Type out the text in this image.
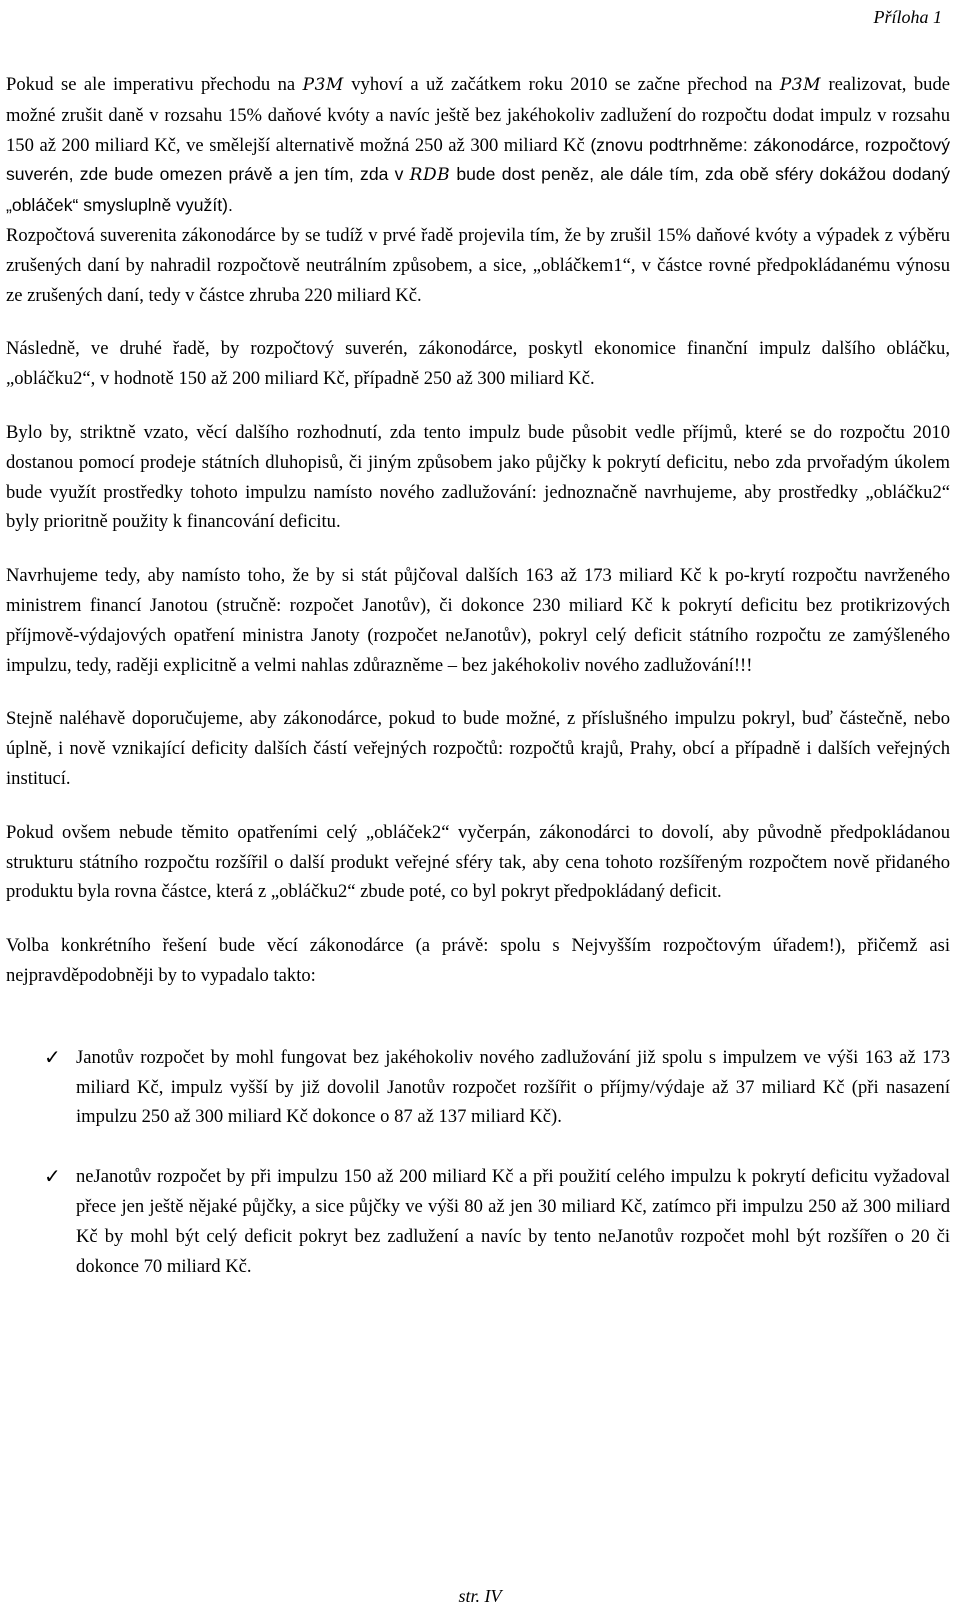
Příloha 1

Pokud se ale imperativu přechodu na P3M vyhoví a už začátkem roku 2010 se začne přechod na P3M realizovat, bude možné zrušit daně v rozsahu 15% daňové kvóty a navíc ještě bez jakéhokoliv zadlužení do rozpočtu dodat impulz v rozsahu 150 až 200 miliard Kč, ve smělejší alternativě možná 250 až 300 miliard Kč (znovu podtrhněme: zákonodárce, rozpočtový suverén, zde bude omezen právě a jen tím, zda v RDB bude dost peněz, ale dále tím, zda obě sféry dokážou dodaný „obláček“ smysluplně využít).

Rozpočtová suverenita zákonodárce by se tudíž v prvé řadě projevila tím, že by zrušil 15% daňové kvóty a výpadek z výběru zrušených daní by nahradil rozpočtově neutrálním způsobem, a sice, „obláčkem1“, v částce rovné předpokládanému výnosu ze zrušených daní, tedy v částce zhruba 220 miliard Kč.

Následně, ve druhé řadě, by rozpočtový suverén, zákonodárce, poskytl ekonomice finanční impulz dalšího obláčku, „obláčku2“, v hodnotě 150 až 200 miliard Kč, případně 250 až 300 miliard Kč.

Bylo by, striktně vzato, věcí dalšího rozhodnutí, zda tento impulz bude působit vedle příjmů, které se do rozpočtu 2010 dostanou pomocí prodeje státních dluhopisů, či jiným způsobem jako půjčky k pokrytí deficitu, nebo zda prvořadým úkolem bude využít prostředky tohoto impulzu namísto nového zadlužování: jednoznačně navrhujeme, aby prostředky „obláčku2“ byly prioritně použity k financování deficitu.

Navrhujeme tedy, aby namísto toho, že by si stát půjčoval dalších 163 až 173 miliard Kč k po-krytí rozpočtu navrženého ministrem financí Janotou (stručně: rozpočet Janotův), či dokonce 230 miliard Kč k pokrytí deficitu bez protikrizových příjmově-výdajových opatření ministra Janoty (rozpočet neJanotův), pokryl celý deficit státního rozpočtu ze zamýšleného impulzu, tedy, raději explicitně a velmi nahlas zdůrazněme – bez jakéhokoliv nového zadlužování!!!

Stejně naléhavě doporučujeme, aby zákonodárce, pokud to bude možné, z příslušného impulzu pokryl, buď částečně, nebo úplně, i nově vznikající deficity dalších částí veřejných rozpočtů: rozpočtů krajů, Prahy, obcí a případně i dalších veřejných institucí.

Pokud ovšem nebude těmito opatřeními celý „obláček2“ vyčerpán, zákonodárci to dovolí, aby původně předpokládanou strukturu státního rozpočtu rozšířil o další produkt veřejné sféry tak, aby cena tohoto rozšířeným rozpočtem nově přidaného produktu byla rovna částce, která z „obláčku2“ zbude poté, co byl pokryt předpokládaný deficit.

Volba konkrétního řešení bude věcí zákonodárce (a právě: spolu s Nejvyšším rozpočtovým úřadem!), přičemž asi nejpravděpodobněji by to vypadalo takto:

✓ Janotův rozpočet by mohl fungovat bez jakéhokoliv nového zadlužování již spolu s impulzem ve výši 163 až 173 miliard Kč, impulz vyšší by již dovolil Janotův rozpočet rozšířit o příjmy/výdaje až 37 miliard Kč (při nasazení impulzu 250 až 300 miliard Kč dokonce o 87 až 137 miliard Kč).
✓ neJanotův rozpočet by při impulzu 150 až 200 miliard Kč a při použití celého impulzu k pokrytí deficitu vyžadoval přece jen ještě nějaké půjčky, a sice půjčky ve výši 80 až jen 30 miliard Kč, zatímco při impulzu 250 až 300 miliard Kč by mohl být celý deficit pokryt bez zadlužení a navíc by tento neJanotův rozpočet mohl být rozšířen o 20 či dokonce 70 miliard Kč.
str. IV
